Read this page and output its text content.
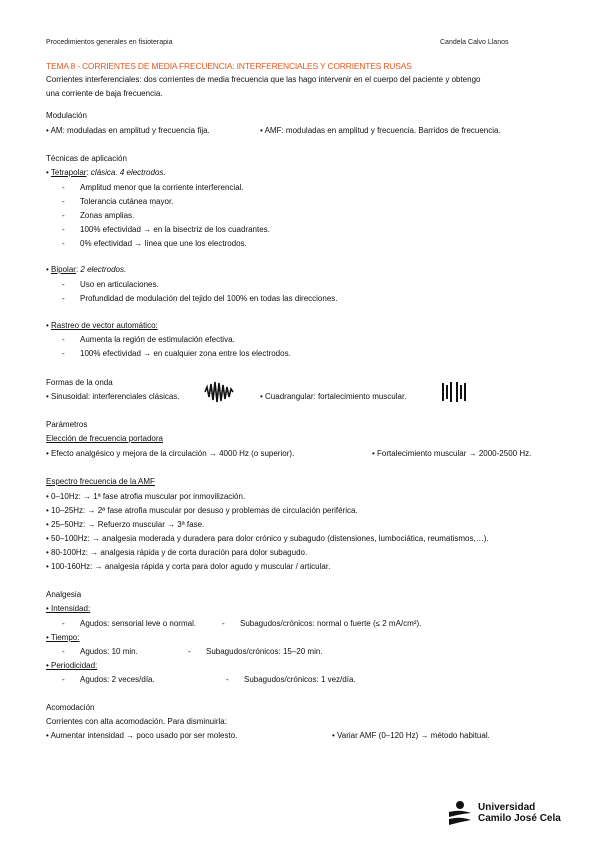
Procedimientos generales en fisioterapia	Candela Calvo Llanos
TEMA 8 - CORRIENTES DE MEDIA FRECUENCIA: INTERFERENCIALES Y CORRIENTES RUSAS
Corrientes interferenciales: dos corrientes de media frecuencia que las hago intervenir en el cuerpo del paciente y obtengo
una corriente de baja frecuencia.
Modulación
• AM: moduladas en amplitud y frecuencia fija.	• AMF: moduladas en amplitud y frecuencia. Barridos de frecuencia.
Técnicas de aplicación
• Tetrapolar: clásica. 4 electrodos.
- Amplitud menor que la corriente interferencial.
- Tolerancia cutánea mayor.
- Zonas amplias.
- 100% efectividad → en la bisectriz de los cuadrantes.
- 0% efectividad → línea que une los electrodos.
• Bipolar: 2 electrodos.
- Uso en articulaciones.
- Profundidad de modulación del tejido del 100% en todas las direcciones.
• Rastreo de vector automático:
- Aumenta la región de estimulación efectiva.
- 100% efectividad → en cualquier zona entre los electrodos.
Formas de la onda
• Sinusoidal: interferenciales clásicas.	• Cuadrangular: fortalecimiento muscular.
Parámetros
Elección de frecuencia portadora
• Efecto analgésico y mejora de la circulación → 4000 Hz (o superior).	• Fortalecimiento muscular → 2000-2500 Hz.
Espectro frecuencia de la AMF
• 0–10Hz: → 1ª fase atrofia muscular por inmovilización.
• 10–25Hz: → 2ª fase atrofia muscular por desuso y problemas de circulación periférica.
• 25–50Hz: → Refuerzo muscular → 3ª fase.
• 50–100Hz: → analgesia moderada y duradera para dolor crónico y subagudo (distensiones, lumbociática, reumatismos,…).
• 80-100Hz: → analgesia rápida y de corta duración para dolor subagudo.
• 100-160Hz: → analgesia rápida y corta para dolor agudo y muscular / articular.
Analgesia
• Intensidad:
- Agudos: sensorial leve o normal.	- Subagudos/crónicos: normal o fuerte (≤ 2 mA/cm²).
• Tiempo:
- Agudos: 10 min.	- Subagudos/crónicos: 15–20 min.
• Periodicidad:
- Agudos: 2 veces/día.	- Subagudos/crónicos: 1 vez/día.
Acomodación
Corrientes con alta acomodación. Para disminuirla:
• Aumentar intensidad → poco usado por ser molesto.	• Variar AMF (0–120 Hz) → método habitual.
Universidad
Camilo José Cela
